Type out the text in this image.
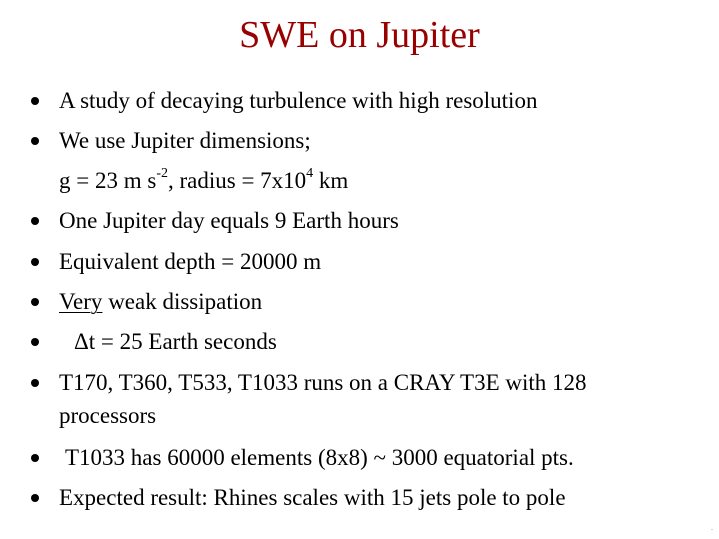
SWE on Jupiter
A study of decaying turbulence with high resolution
We use Jupiter dimensions;
g = 23 m $s^{-2}$, radius = $7x10^4$ km
One Jupiter day equals 9 Earth hours
Equivalent depth = 20000 m
Very weak dissipation
Δt = 25 Earth seconds
T170, T360, T533, T1033 runs on a CRAY T3E with 128
processors
T1033 has 60000 elements (8x8) ~ 3000 equatorial pts.
Expected result: Rhines scales with 15 jets pole to pole
·
